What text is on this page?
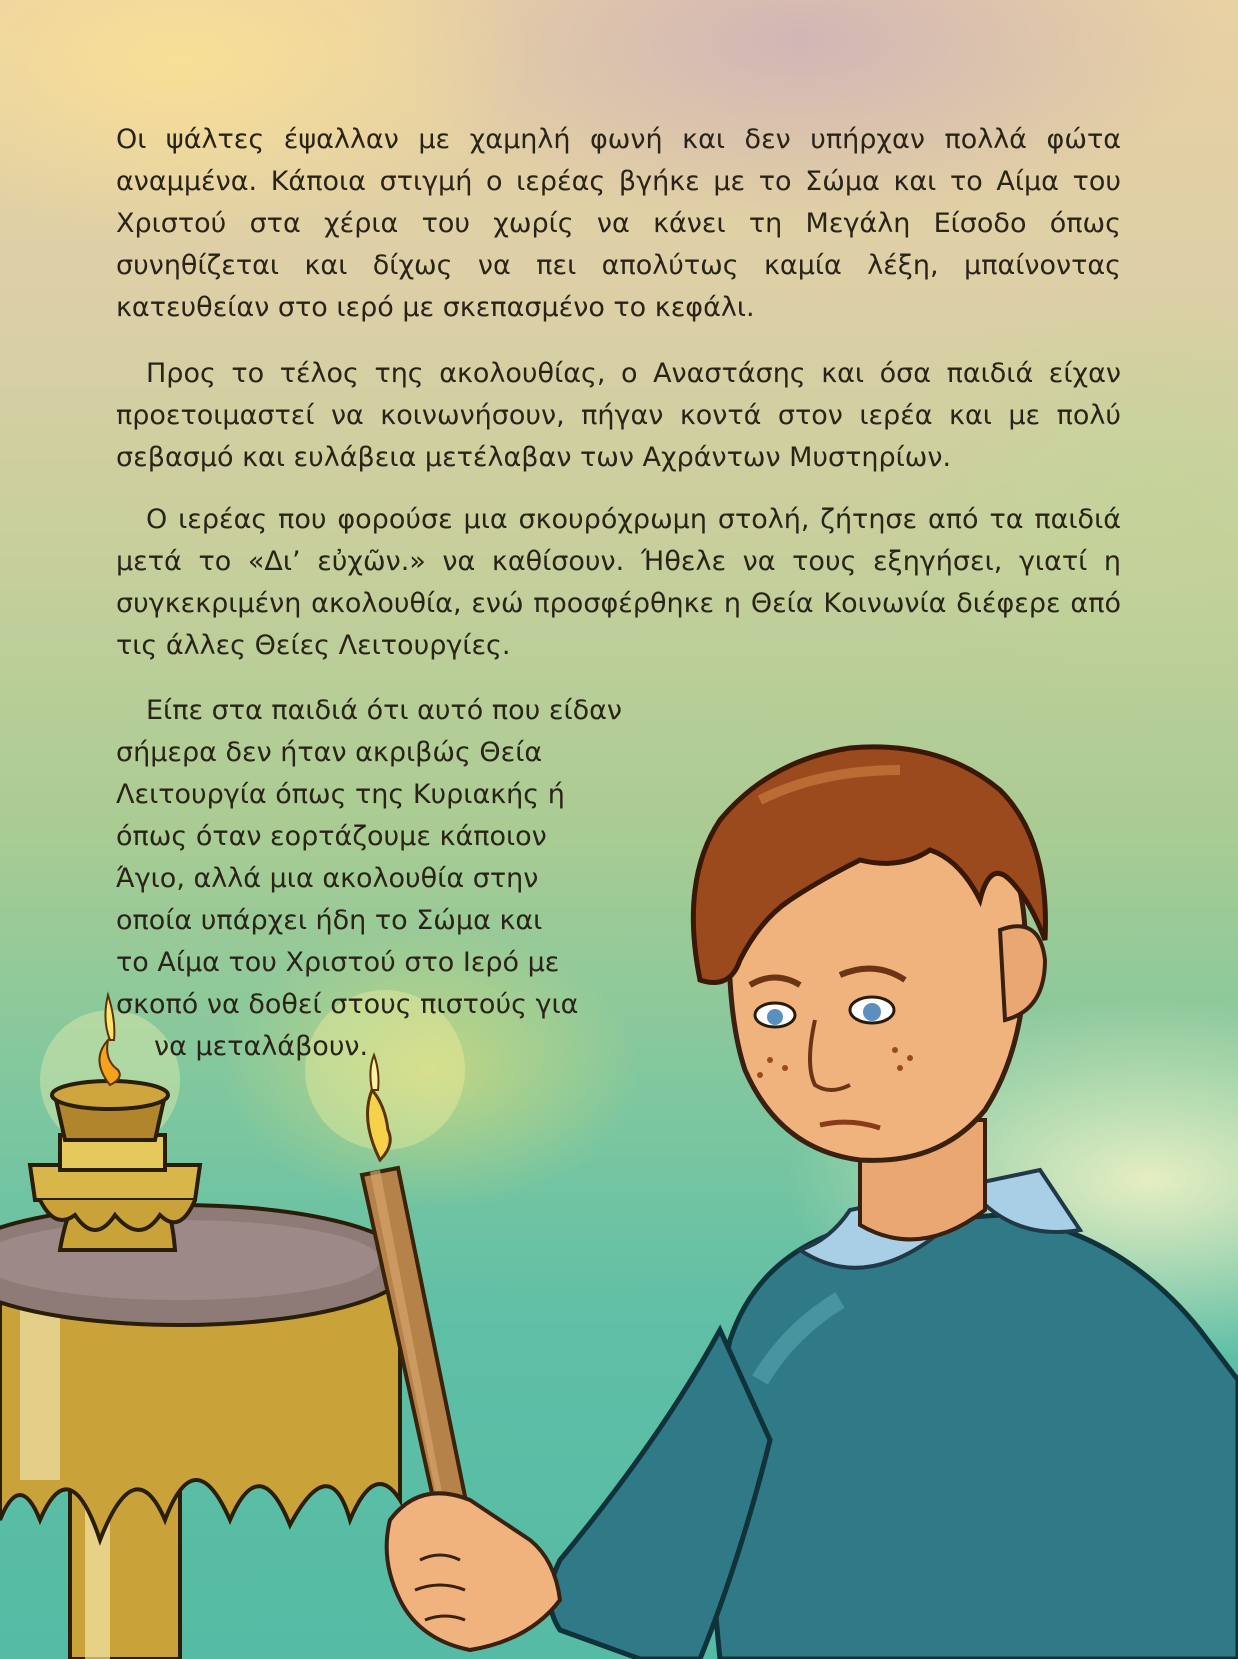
Οι ψάλτες έψαλλαν με χαμηλή φωνή και δεν υπήρχαν πολλά φώτα αναμμένα. Κάποια στιγμή ο ιερέας βγήκε με το Σώμα και το Αίμα του Χριστού στα χέρια του χωρίς να κάνει τη Μεγάλη Είσοδο όπως συνηθίζεται και δίχως να πει απολύτως καμία λέξη, μπαίνοντας κατευθείαν στο ιερό με σκεπασμένο το κεφάλι.

Προς το τέλος της ακολουθίας, ο Αναστάσης και όσα παιδιά είχαν προετοιμαστεί να κοινωνήσουν, πήγαν κοντά στον ιερέα και με πολύ σεβασμό και ευλάβεια μετέλαβαν των Αχράντων Μυστηρίων.

Ο ιερέας που φορούσε μια σκουρόχρωμη στολή, ζήτησε από τα παιδιά μετά το «Δι’ εὐχῶν.» να καθίσουν. Ήθελε να τους εξηγήσει, γιατί η συγκεκριμένη ακολουθία, ενώ προσφέρθηκε η Θεία Κοινωνία διέφερε από τις άλλες Θείες Λειτουργίες.

Είπε στα παιδιά ότι αυτό που είδαν
σήμερα δεν ήταν ακριβώς Θεία
Λειτουργία όπως της Κυριακής ή
όπως όταν εορτάζουμε κάποιον
Άγιο, αλλά μια ακολουθία στην
οποία υπάρχει ήδη το Σώμα και
το Αίμα του Χριστού στο Ιερό με
σκοπό να δοθεί στους πιστούς για
να μεταλάβουν.
